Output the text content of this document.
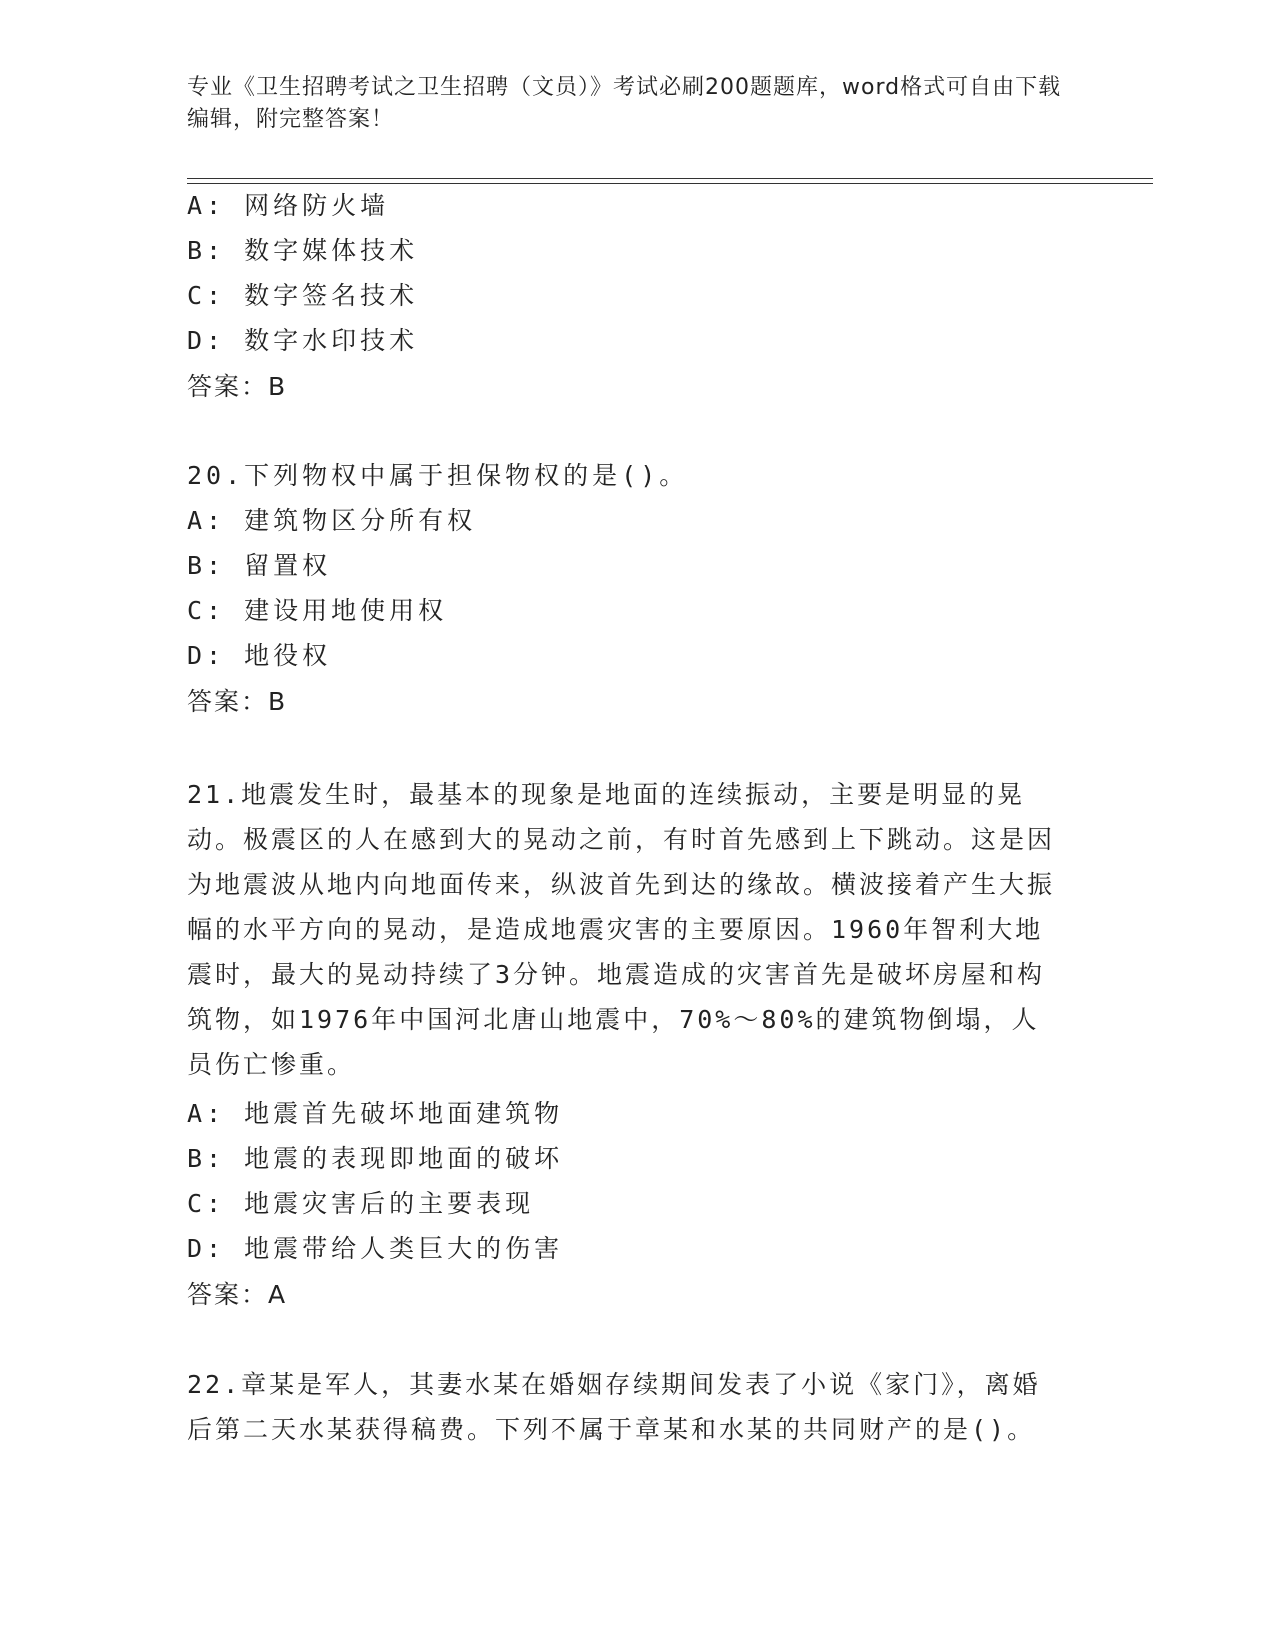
专业《卫生招聘考试之卫生招聘（文员）》考试必刷200题题库，word格式可自由下载编辑，附完整答案！
A: 网络防火墙
B: 数字媒体技术
C: 数字签名技术
D: 数字水印技术
答案：B
20.下列物权中属于担保物权的是()。
A: 建筑物区分所有权
B: 留置权
C: 建设用地使用权
D: 地役权
答案：B
21.地震发生时，最基本的现象是地面的连续振动，主要是明显的晃动。极震区的人在感到大的晃动之前，有时首先感到上下跳动。这是因为地震波从地内向地面传来，纵波首先到达的缘故。横波接着产生大振幅的水平方向的晃动，是造成地震灾害的主要原因。1960年智利大地震时，最大的晃动持续了3分钟。地震造成的灾害首先是破坏房屋和构筑物，如1976年中国河北唐山地震中，70%～80%的建筑物倒塌，人员伤亡惨重。
A: 地震首先破坏地面建筑物
B: 地震的表现即地面的破坏
C: 地震灾害后的主要表现
D: 地震带给人类巨大的伤害
答案：A
22.章某是军人，其妻水某在婚姻存续期间发表了小说《家门》，离婚后第二天水某获得稿费。下列不属于章某和水某的共同财产的是()。
